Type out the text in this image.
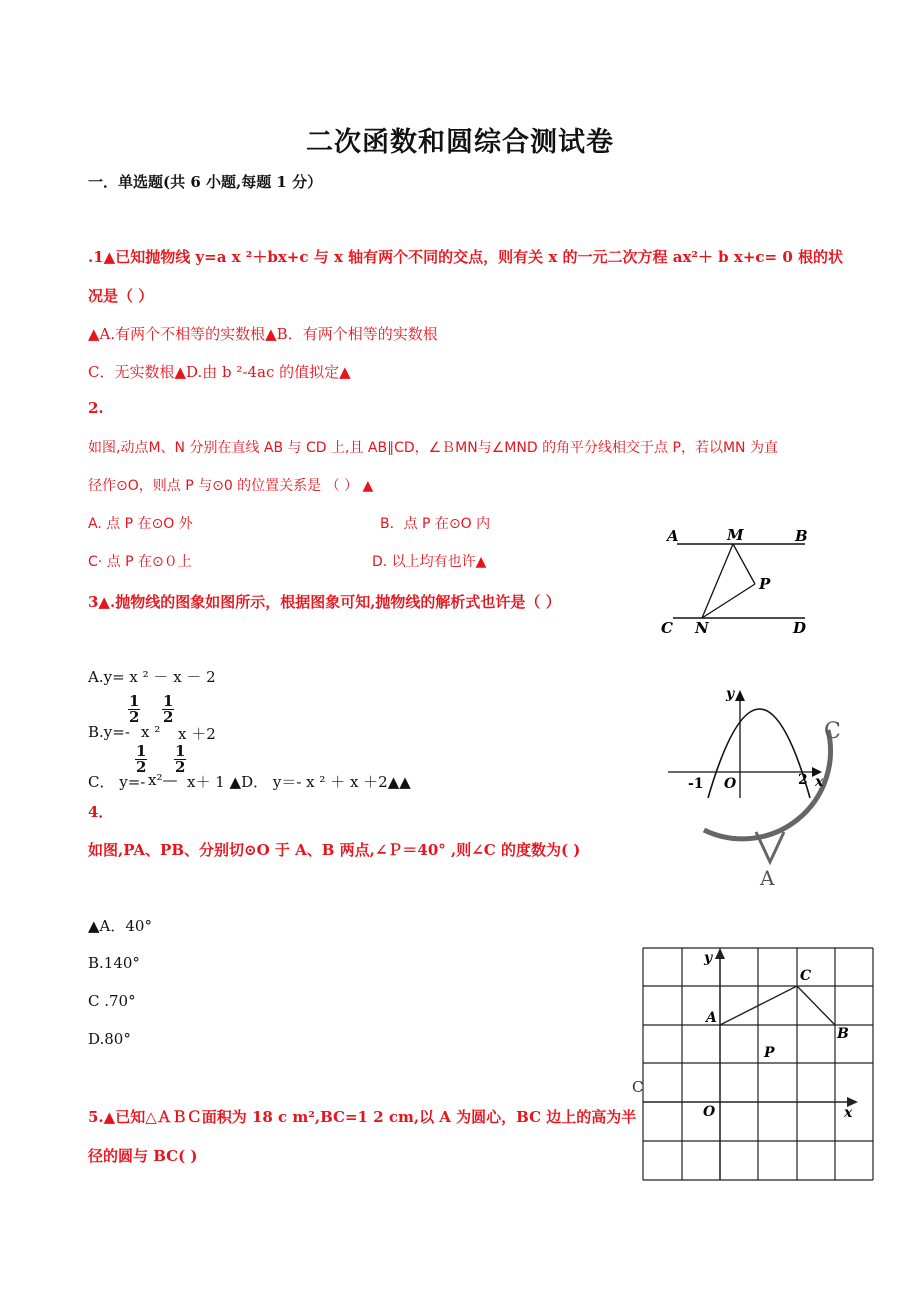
二次函数和圆综合测试卷
一．单选题(共 6 小题,每题 1 分）
.1▲已知抛物线 y=a x ²＋bx+c 与 x 轴有两个不同的交点，则有关 x 的一元二次方程 ax²＋ b x+c= 0 根的状
况是（ ）
▲A.有两个不相等的实数根▲B．有两个相等的实数根
C．无实数根▲D.由 b ²-4ac 的值拟定▲
2.
如图,动点M、N 分别在直线 AB 与 CD 上,且 AB∥CD，∠ＢMN与∠MND 的角平分线相交于点 P，若以MN 为直
径作⊙O，则点 P 与⊙0 的位置关系是 （ ） ▲
A. 点 P 在⊙O 外	B．点 P 在⊙O 内
C· 点 P 在⊙０上	D. 以上均有也许▲
A	M	B
P
C N	D
3▲.抛物线的图象如图所示，根据图象可知,抛物线的解析式也许是（ ）
A.y= x ² － x － 2
B.y=-
$\frac{1}{2}$
x ²
$\frac{1}{2}$
x ＋2
C． y=-
$\frac{1}{2}$
x²—
$\frac{1}{2}$
x＋ 1 ▲D． y＝- x ² ＋ x ＋2▲▲
y
x
-1 O	2
C
A
4．
如图,PA、PB、分别切⊙O 于 A、B 两点,∠Ｐ＝40° ,则∠C 的度数为( )
▲A．40°
B.140°
C .70°
D.80°
y
x
A
B
C
P
O
C
5.▲已知△ＡＢＣ面积为 18 c m²,BC=1 2 cm,以 A 为圆心，BC 边上的高为半
径的圆与 BC( )
